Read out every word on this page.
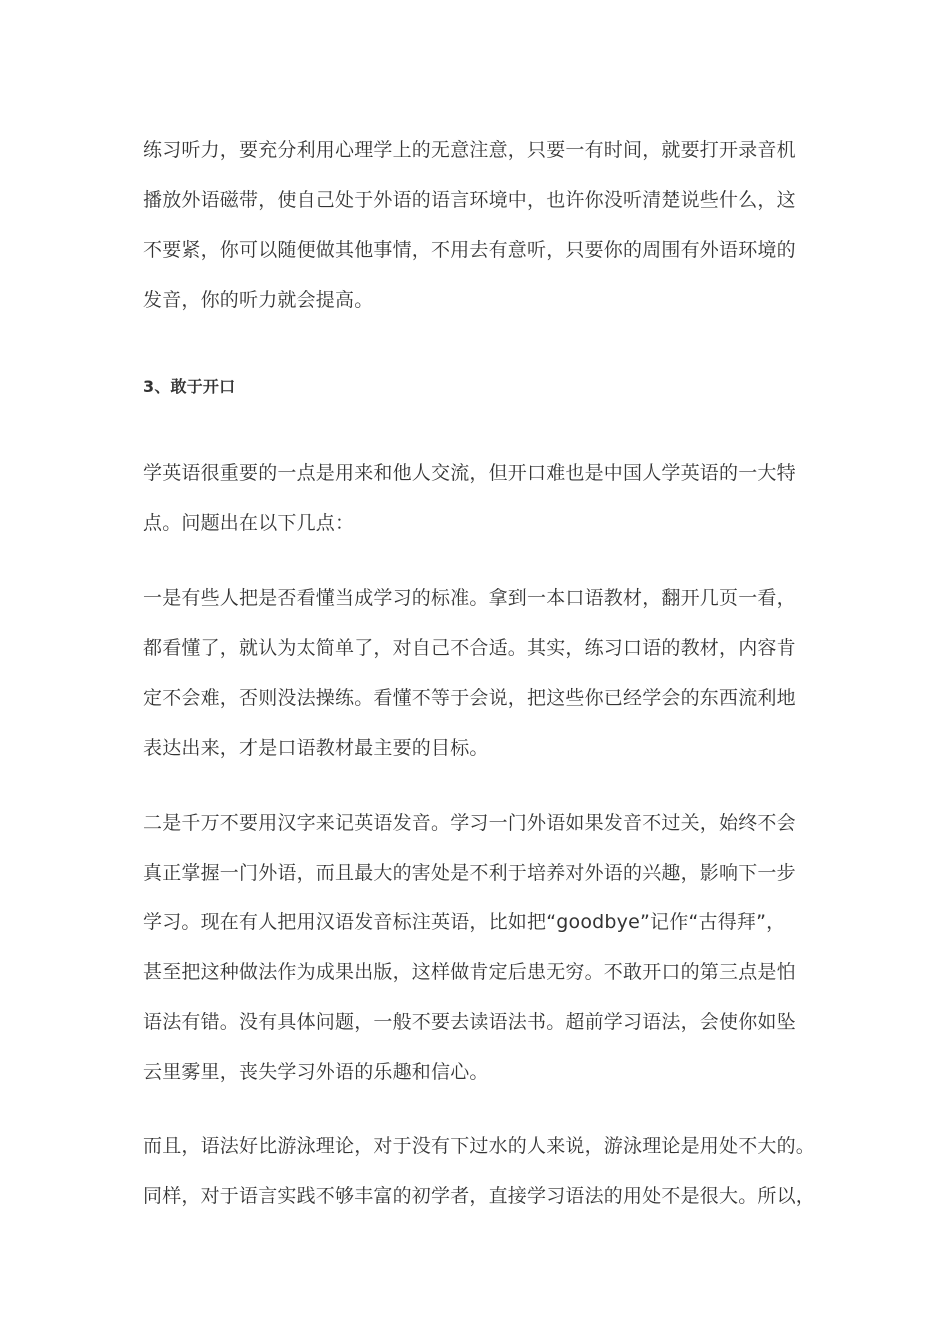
练习听力，要充分利用心理学上的无意注意，只要一有时间，就要打开录音机
播放外语磁带，使自己处于外语的语言环境中，也许你没听清楚说些什么，这
不要紧，你可以随便做其他事情，不用去有意听，只要你的周围有外语环境的
发音，你的听力就会提高。
3、敢于开口
学英语很重要的一点是用来和他人交流，但开口难也是中国人学英语的一大特
点。问题出在以下几点：
一是有些人把是否看懂当成学习的标准。拿到一本口语教材，翻开几页一看，
都看懂了，就认为太简单了，对自己不合适。其实，练习口语的教材，内容肯
定不会难，否则没法操练。看懂不等于会说，把这些你已经学会的东西流利地
表达出来，才是口语教材最主要的目标。
二是千万不要用汉字来记英语发音。学习一门外语如果发音不过关，始终不会
真正掌握一门外语，而且最大的害处是不利于培养对外语的兴趣，影响下一步
学习。现在有人把用汉语发音标注英语，比如把“goodbye”记作“古得拜”，
甚至把这种做法作为成果出版，这样做肯定后患无穷。不敢开口的第三点是怕
语法有错。没有具体问题，一般不要去读语法书。超前学习语法，会使你如坠
云里雾里，丧失学习外语的乐趣和信心。
而且，语法好比游泳理论，对于没有下过水的人来说，游泳理论是用处不大的。
同样，对于语言实践不够丰富的初学者，直接学习语法的用处不是很大。所以，
